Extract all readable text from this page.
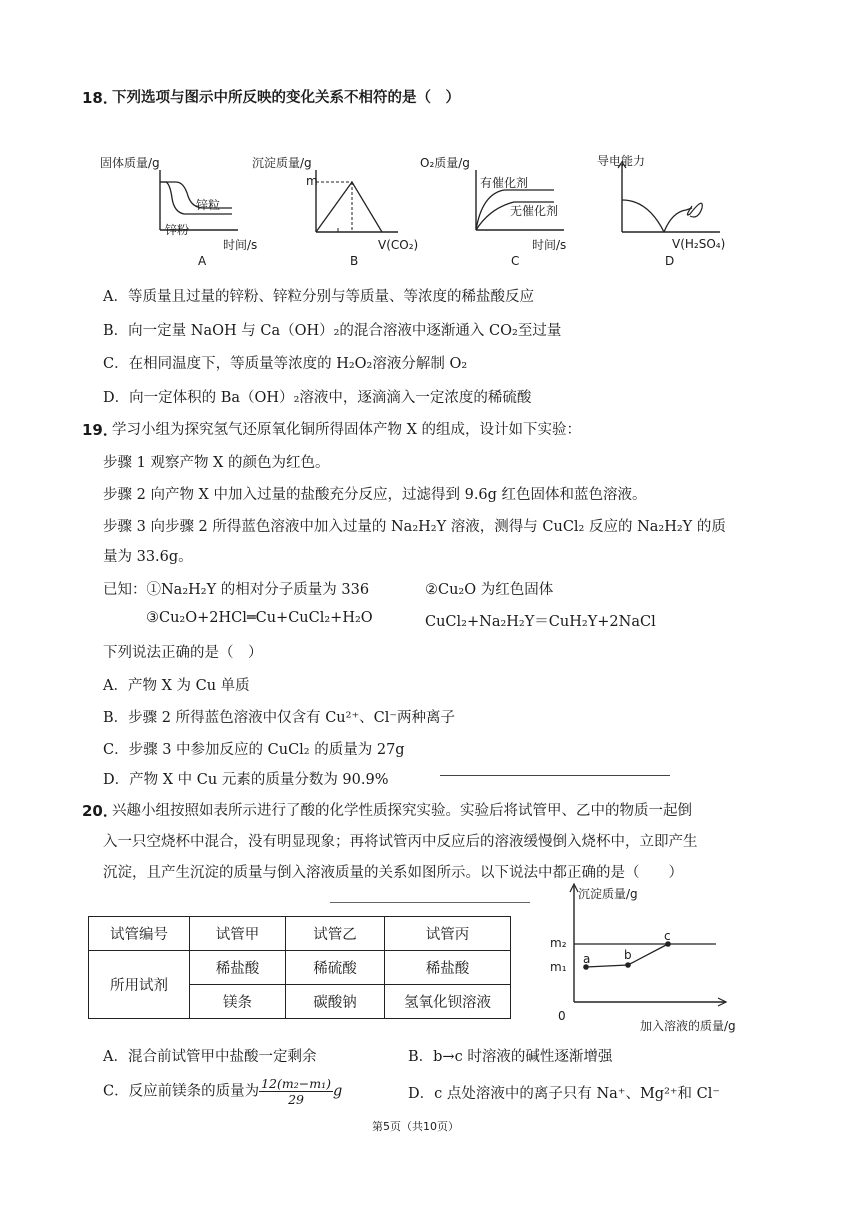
18．
下列选项与图示中所反映的变化关系不相符的是（　）
固体质量/g
锌粒
锌粉
时间/s
A
沉淀质量/g
m
V(CO₂)
B
O₂质量/g
有催化剂
无催化剂
时间/s
C
导电能力
V(H₂SO₄)
D
A．等质量且过量的锌粉、锌粒分别与等质量、等浓度的稀盐酸反应
B．向一定量 NaOH 与 Ca（OH）₂的混合溶液中逐渐通入 CO₂至过量
C．在相同温度下，等质量等浓度的 H₂O₂溶液分解制 O₂
D．向一定体积的 Ba（OH）₂溶液中，逐滴滴入一定浓度的稀硫酸
19．
学习小组为探究氢气还原氧化铜所得固体产物 X 的组成，设计如下实验：
步骤 1 观察产物 X 的颜色为红色。
步骤 2 向产物 X 中加入过量的盐酸充分反应，过滤得到 9.6g 红色固体和蓝色溶液。
步骤 3 向步骤 2 所得蓝色溶液中加入过量的 Na₂H₂Y 溶液，测得与 CuCl₂ 反应的 Na₂H₂Y 的质
量为 33.6g。
已知：①Na₂H₂Y 的相对分子质量为 336	②Cu₂O 为红色固体
③Cu₂O+2HCl═Cu+CuCl₂+H₂O	CuCl₂+Na₂H₂Y＝CuH₂Y+2NaCl
下列说法正确的是（　）
A．产物 X 为 Cu 单质
B．步骤 2 所得蓝色溶液中仅含有 Cu²⁺、Cl⁻两种离子
C．步骤 3 中参加反应的 CuCl₂ 的质量为 27g
D．产物 X 中 Cu 元素的质量分数为 90.9%
20．
兴趣小组按照如表所示进行了酸的化学性质探究实验。实验后将试管甲、乙中的物质一起倒
入一只空烧杯中混合，没有明显现象；再将试管丙中反应后的溶液缓慢倒入烧杯中，立即产生
沉淀，且产生沉淀的质量与倒入溶液质量的关系如图所示。以下说法中都正确的是（　　）
试管编号	试管甲	试管乙	试管丙
所用试剂	稀盐酸	稀硫酸	稀盐酸
	镁条	碳酸钠	氢氧化钡溶液
沉淀质量/g
m₂
m₁
a	b
c
0
加入溶液的质量/g
A．混合前试管甲中盐酸一定剩余	B．b→c 时溶液的碱性逐渐增强
C．反应前镁条的质量为 $\frac{\text{12(m₂−m₁)}}{29}$ g	D．c 点处溶液中的离子只有 Na⁺、Mg²⁺和 Cl⁻
第5页（共10页）
